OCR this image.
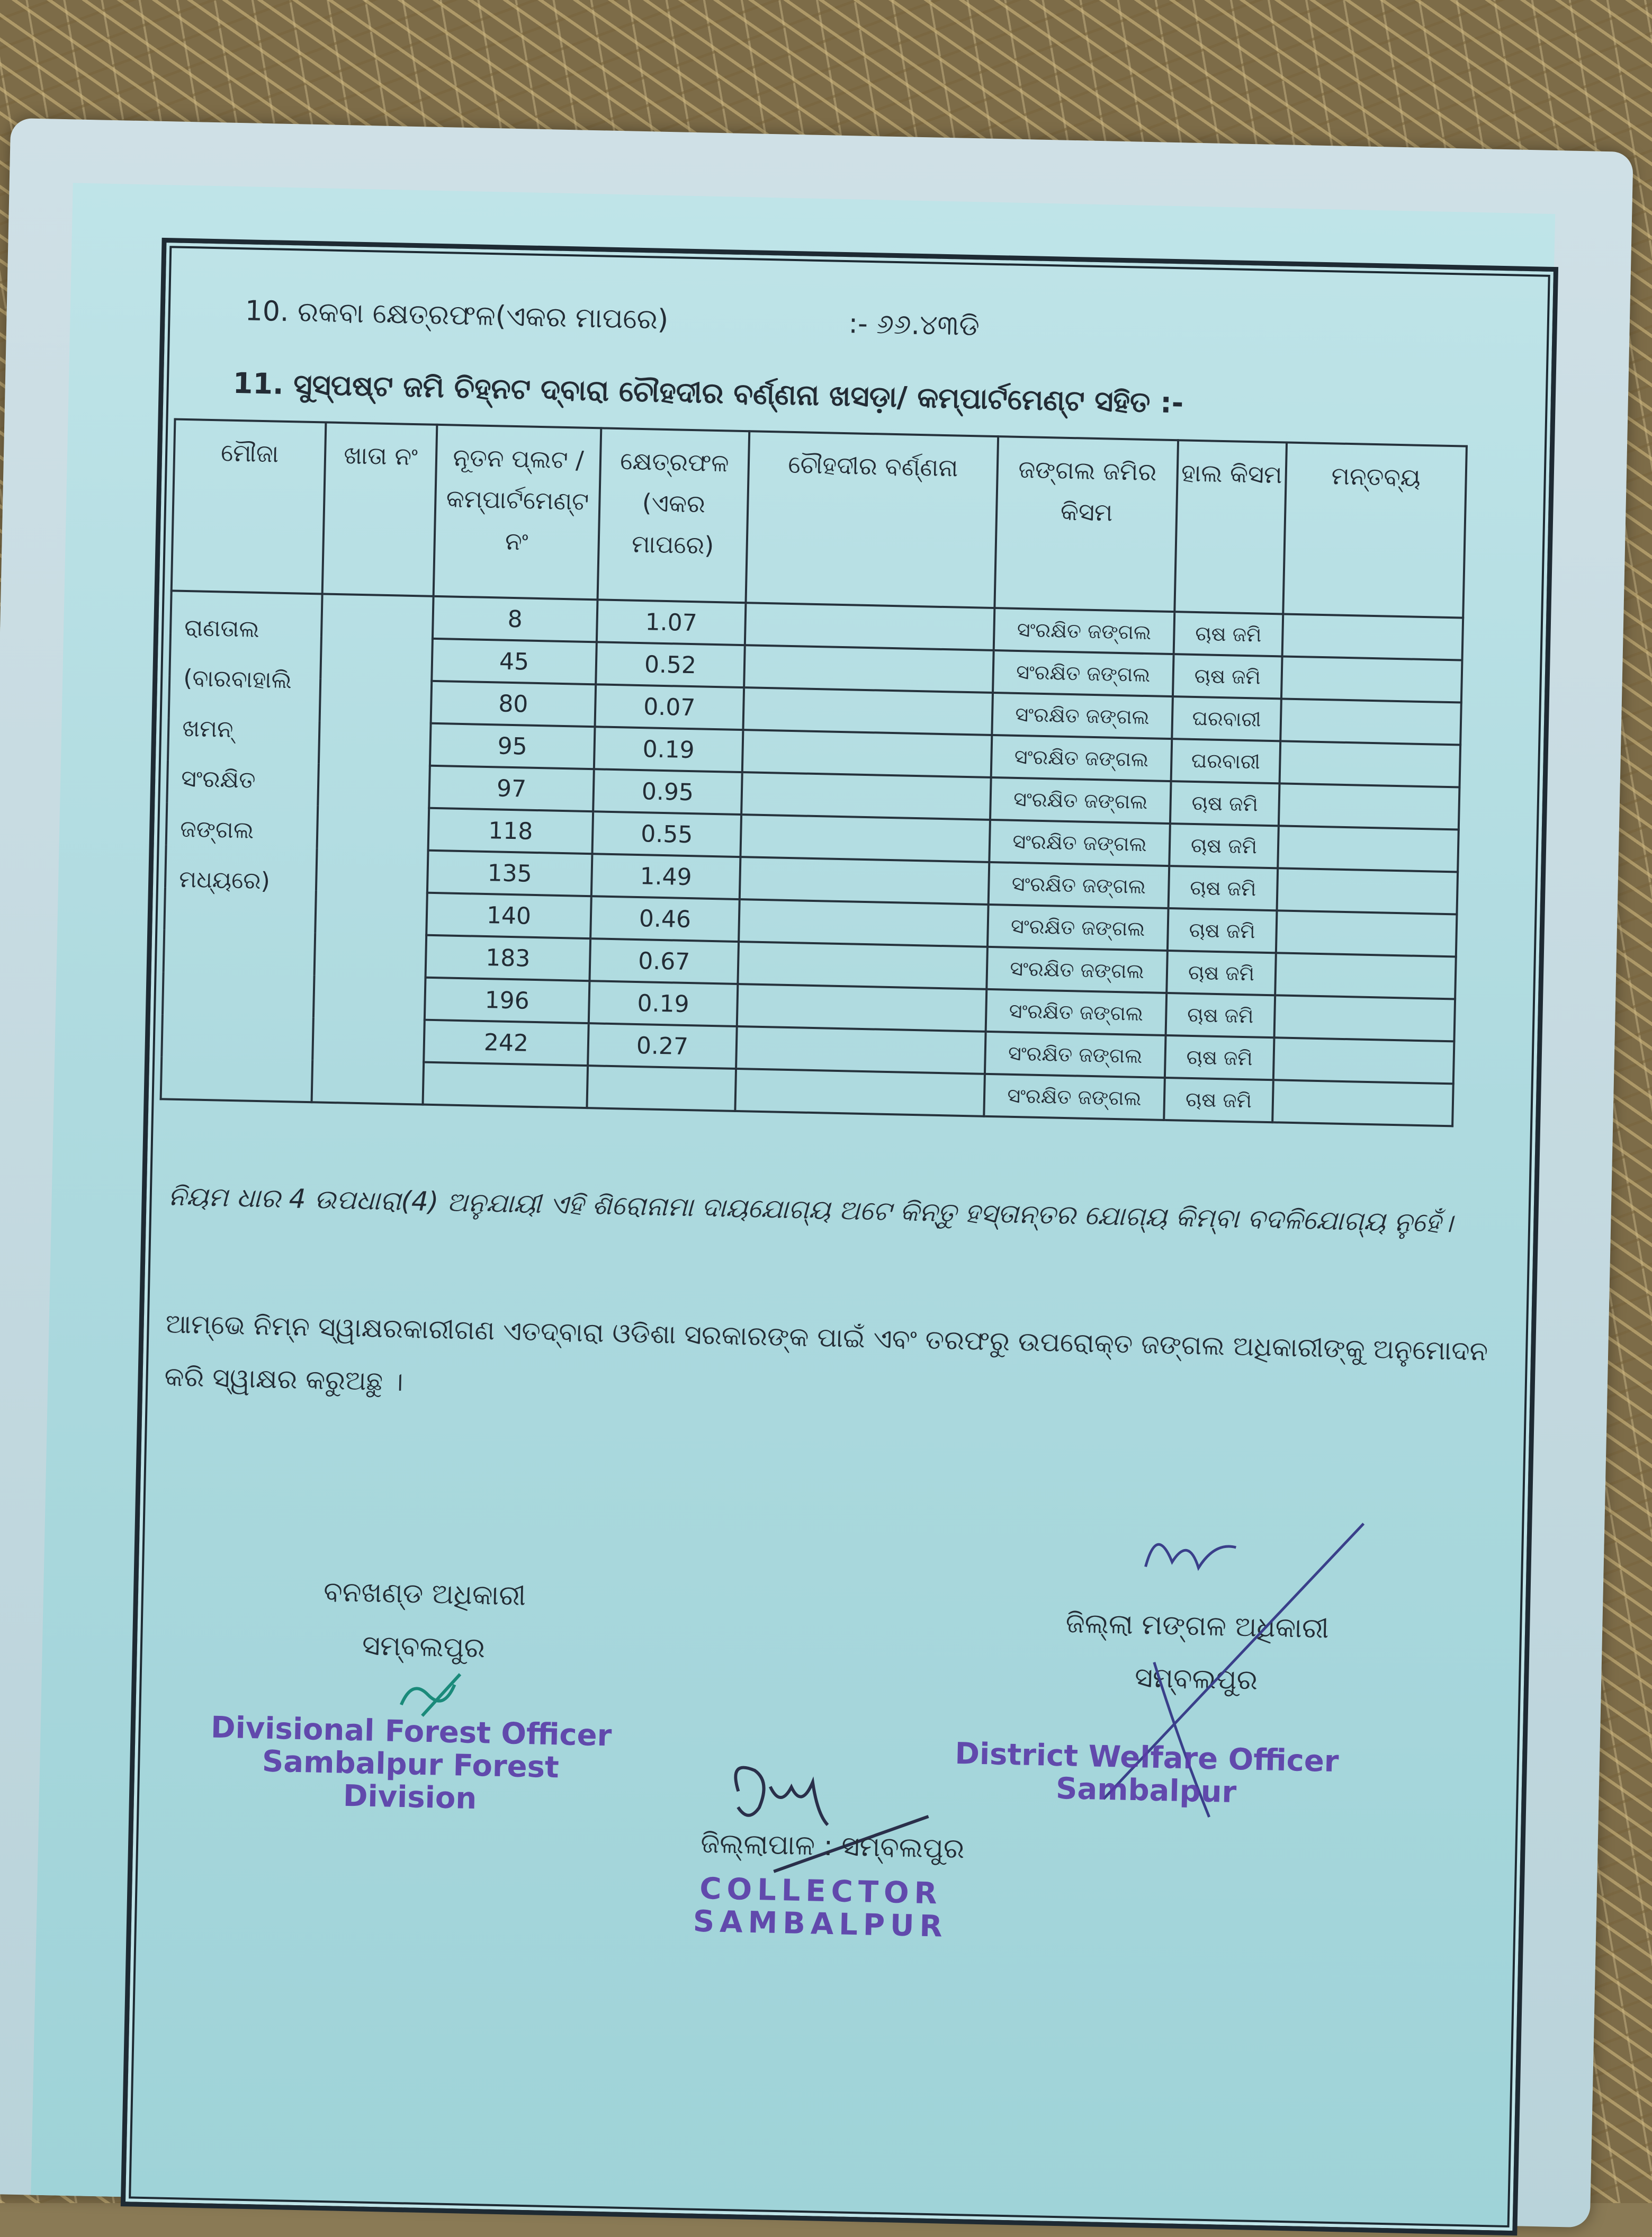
10. ରକବା କ୍ଷେତ୍ରଫଳ(ଏକର ମାପରେ)	:- ୬୬.୪୩ଡି
11. ସୁସ୍ପଷ୍ଟ ଜମି ଚିହ୍ନଟ ଦ୍ବାରା ଚୌହଦୀର ବର୍ଣ୍ଣନା ଖସଡ଼ା/ କମ୍ପାର୍ଟମେଣ୍ଟ ସହିତ :-
ମୌଜା	ଖାତା ନଂ	ନୂତନ ପ୍ଲଟ / କମ୍ପାର୍ଟମେଣ୍ଟ ନଂ	କ୍ଷେତ୍ରଫଳ (ଏକର ମାପରେ)	ଚୌହଦୀର ବର୍ଣ୍ଣନା	ଜଙ୍ଗଲ ଜମିର କିସମ	ହାଲ କିସମ	ମନ୍ତବ୍ୟ
ରାଣତାଲ (ବାରବାହାଲି ଖମନ୍ ସଂରକ୍ଷିତ ଜଙ୍ଗଲ ମଧ୍ୟରେ)		8	1.07		ସଂରକ୍ଷିତ ଜଙ୍ଗଲ	ଚାଷ ଜମି	
		45	0.52		ସଂରକ୍ଷିତ ଜଙ୍ଗଲ	ଚାଷ ଜମି	
		80	0.07		ସଂରକ୍ଷିତ ଜଙ୍ଗଲ	ଘରବାରୀ	
		95	0.19		ସଂରକ୍ଷିତ ଜଙ୍ଗଲ	ଘରବାରୀ	
		97	0.95		ସଂରକ୍ଷିତ ଜଙ୍ଗଲ	ଚାଷ ଜମି	
		118	0.55		ସଂରକ୍ଷିତ ଜଙ୍ଗଲ	ଚାଷ ଜମି	
		135	1.49		ସଂରକ୍ଷିତ ଜଙ୍ଗଲ	ଚାଷ ଜମି	
		140	0.46		ସଂରକ୍ଷିତ ଜଙ୍ଗଲ	ଚାଷ ଜମି	
		183	0.67		ସଂରକ୍ଷିତ ଜଙ୍ଗଲ	ଚାଷ ଜମି	
		196	0.19		ସଂରକ୍ଷିତ ଜଙ୍ଗଲ	ଚାଷ ଜମି	
		242	0.27		ସଂରକ୍ଷିତ ଜଙ୍ଗଲ	ଚାଷ ଜମି	
					ସଂରକ୍ଷିତ ଜଙ୍ଗଲ	ଚାଷ ଜମି	
ନିୟମ ଧାର 4 ଉପଧାରା(4) ଅନୁଯାୟୀ ଏହି ଶିରୋନାମା ଦାୟଯୋଗ୍ୟ ଅଟେ କିନ୍ତୁ ହସ୍ତାନ୍ତର ଯୋଗ୍ୟ କିମ୍ବା ବଦଳିଯୋଗ୍ୟ ନୁହେଁ।
ଆମ୍ଭେ ନିମ୍ନ ସ୍ୱାକ୍ଷରକାରୀଗଣ ଏତଦ୍ବାରା ଓଡିଶା ସରକାରଙ୍କ ପାଇଁ ଏବଂ ତରଫରୁ ଉପରୋକ୍ତ ଜଙ୍ଗଲ ଅଧିକାରୀଙ୍କୁ ଅନୁମୋଦନ କରି ସ୍ୱାକ୍ଷର କରୁଅଛୁ ।
ବନଖଣ୍ଡ ଅଧିକାରୀ
ସମ୍ବଲପୁର
Divisional Forest Officer
Sambalpur Forest Division
ଜିଲ୍ଲା ମଙ୍ଗଳ ଅଧିକାରୀ
ସମ୍ବଲପୁର
District Welfare Officer
Sambalpur
ଜିଲ୍ଲାପାଳ : ସମ୍ବଲପୁର
COLLECTOR
SAMBALPUR
